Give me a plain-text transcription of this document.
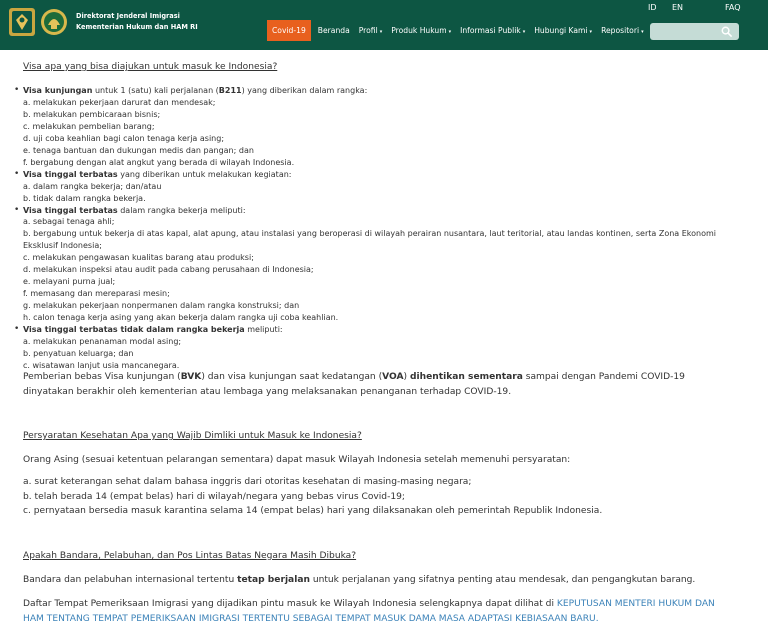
Direktorat Jenderal Imigrasi
Kementerian Hukum dan HAM RI
ID EN	FAQ
Covid-19	Beranda Profil ▾ Produk Hukum ▾ Informasi Publik ▾ Hubungi Kami ▾ Repositori ▾
Visa apa yang bisa diajukan untuk masuk ke Indonesia?
• Visa kunjungan untuk 1 (satu) kali perjalanan (B211) yang diberikan dalam rangka:
a. melakukan pekerjaan darurat dan mendesak;
b. melakukan pembicaraan bisnis;
c. melakukan pembelian barang;
d. uji coba keahlian bagi calon tenaga kerja asing;
e. tenaga bantuan dan dukungan medis dan pangan; dan
f. bergabung dengan alat angkut yang berada di wilayah Indonesia.
• Visa tinggal terbatas yang diberikan untuk melakukan kegiatan:
a. dalam rangka bekerja; dan/atau
b. tidak dalam rangka bekerja.
• Visa tinggal terbatas dalam rangka bekerja meliputi:
a. sebagai tenaga ahli;
b. bergabung untuk bekerja di atas kapal, alat apung, atau instalasi yang beroperasi di wilayah perairan nusantara, laut teritorial, atau landas kontinen, serta Zona Ekonomi Eksklusif Indonesia;
c. melakukan pengawasan kualitas barang atau produksi;
d. melakukan inspeksi atau audit pada cabang perusahaan di Indonesia;
e. melayani purna jual;
f. memasang dan mereparasi mesin;
g. melakukan pekerjaan nonpermanen dalam rangka konstruksi; dan
h. calon tenaga kerja asing yang akan bekerja dalam rangka uji coba keahlian.
• Visa tinggal terbatas tidak dalam rangka bekerja meliputi:
a. melakukan penanaman modal asing;
b. penyatuan keluarga; dan
c. wisatawan lanjut usia mancanegara.
Pemberian bebas Visa kunjungan (BVK) dan visa kunjungan saat kedatangan (VOA) dihentikan sementara sampai dengan Pandemi COVID-19 dinyatakan berakhir oleh kementerian atau lembaga yang melaksanakan penanganan terhadap COVID-19.
Persyaratan Kesehatan Apa yang Wajib Dimliki untuk Masuk ke Indonesia?
Orang Asing (sesuai ketentuan pelarangan sementara) dapat masuk Wilayah Indonesia setelah memenuhi persyaratan:
a. surat keterangan sehat dalam bahasa inggris dari otoritas kesehatan di masing-masing negara;
b. telah berada 14 (empat belas) hari di wilayah/negara yang bebas virus Covid-19;
c. pernyataan bersedia masuk karantina selama 14 (empat belas) hari yang dilaksanakan oleh pemerintah Republik Indonesia.
Apakah Bandara, Pelabuhan, dan Pos Lintas Batas Negara Masih Dibuka?
Bandara dan pelabuhan internasional tertentu tetap berjalan untuk perjalanan yang sifatnya penting atau mendesak, dan pengangkutan barang.
Daftar Tempat Pemeriksaan Imigrasi yang dijadikan pintu masuk ke Wilayah Indonesia selengkapnya dapat dilihat di KEPUTUSAN MENTERI HUKUM DAN HAM TENTANG TEMPAT PEMERIKSAAN IMIGRASI TERTENTU SEBAGAI TEMPAT MASUK DAMA MASA ADAPTASI KEBIASAAN BARU.
